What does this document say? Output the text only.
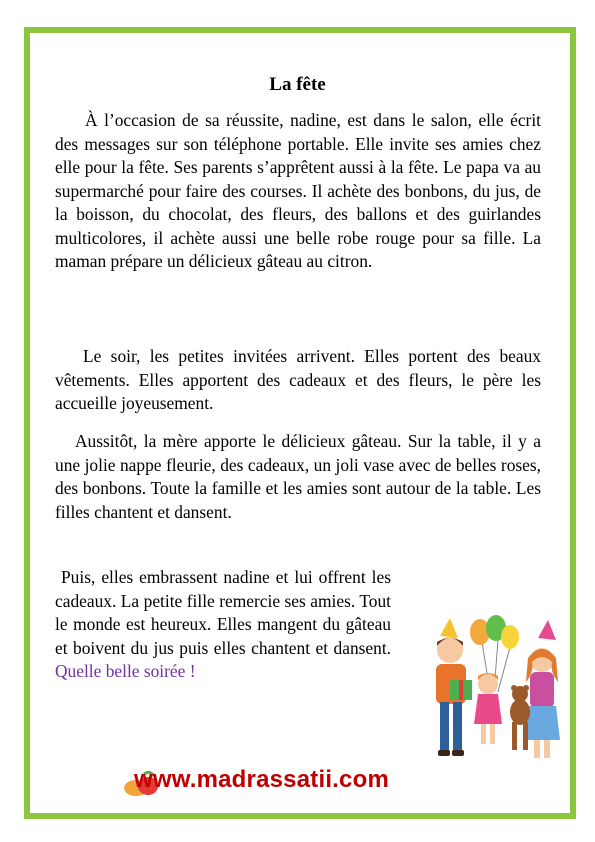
La fête

À l’occasion de sa réussite, nadine, est dans le salon, elle écrit des messages sur son téléphone portable. Elle invite ses amies chez elle pour la fête. Ses parents s’apprêtent aussi à la fête. Le papa va au supermarché pour faire des courses. Il achète des bonbons, du jus, de la boisson, du chocolat, des fleurs, des ballons et des guirlandes multicolores, il achète aussi une belle robe rouge pour sa fille. La maman prépare un délicieux gâteau au citron.

Le soir, les petites invitées arrivent. Elles portent des beaux vêtements. Elles apportent des cadeaux et des fleurs, le père les accueille joyeusement.

Aussitôt, la mère apporte le délicieux gâteau. Sur la table, il y a une jolie nappe fleurie, des cadeaux, un joli vase avec de belles roses, des bonbons. Toute la famille et les amies sont autour de la table. Les filles chantent et dansent.

Puis, elles embrassent nadine et lui offrent les cadeaux. La petite fille remercie ses amies. Tout le monde est heureux. Elles mangent du gâteau et boivent du jus puis elles chantent et dansent. Quelle belle soirée !

www.madrassatii.com
